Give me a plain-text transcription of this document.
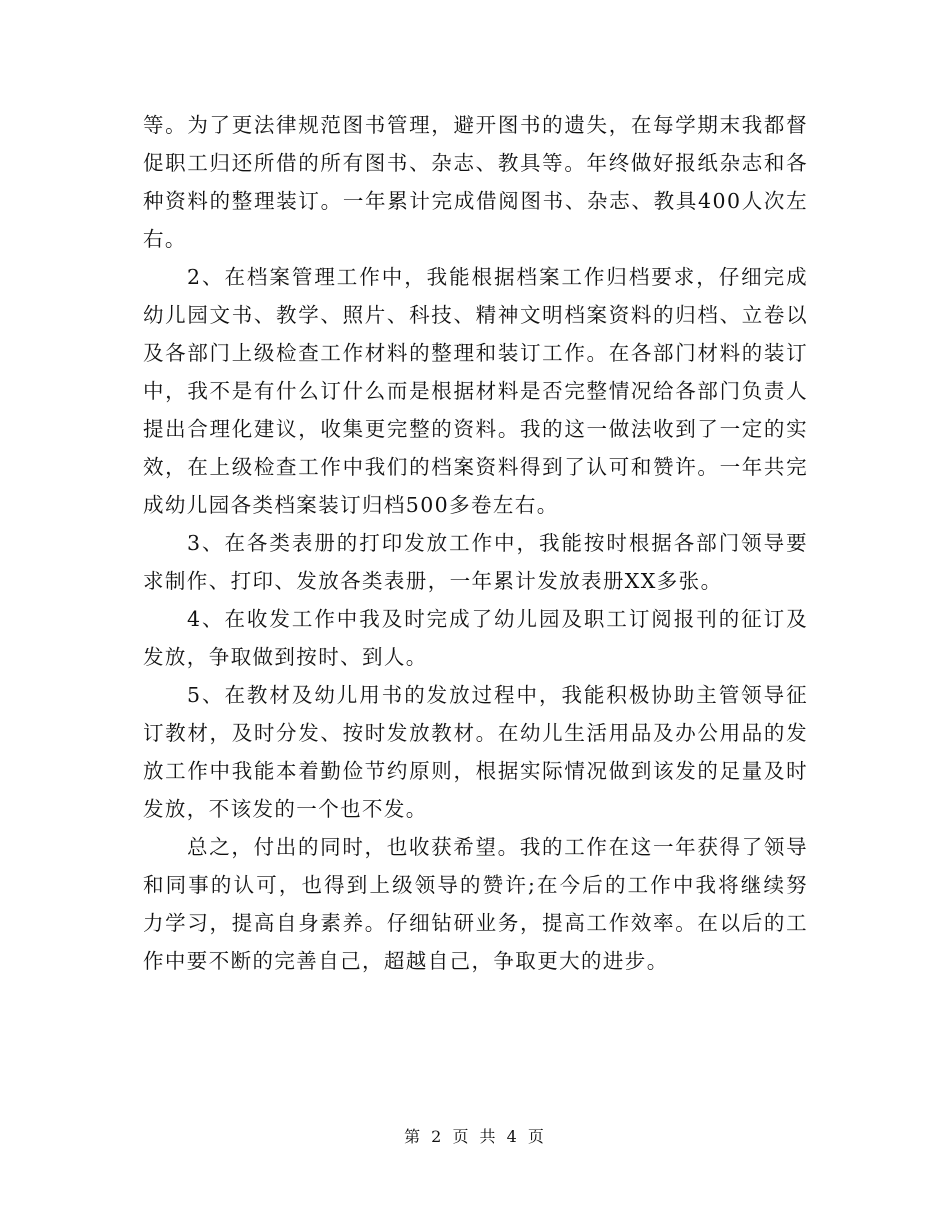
等。为了更法律规范图书管理，避开图书的遗失，在每学期末我都督促职工归还所借的所有图书、杂志、教具等。年终做好报纸杂志和各种资料的整理装订。一年累计完成借阅图书、杂志、教具400人次左右。

2、在档案管理工作中，我能根据档案工作归档要求，仔细完成幼儿园文书、教学、照片、科技、精神文明档案资料的归档、立卷以及各部门上级检查工作材料的整理和装订工作。在各部门材料的装订中，我不是有什么订什么而是根据材料是否完整情况给各部门负责人提出合理化建议，收集更完整的资料。我的这一做法收到了一定的实效，在上级检查工作中我们的档案资料得到了认可和赞许。一年共完成幼儿园各类档案装订归档500多卷左右。

3、在各类表册的打印发放工作中，我能按时根据各部门领导要求制作、打印、发放各类表册，一年累计发放表册XX多张。

4、在收发工作中我及时完成了幼儿园及职工订阅报刊的征订及发放，争取做到按时、到人。

5、在教材及幼儿用书的发放过程中，我能积极协助主管领导征订教材，及时分发、按时发放教材。在幼儿生活用品及办公用品的发放工作中我能本着勤俭节约原则，根据实际情况做到该发的足量及时发放，不该发的一个也不发。

总之，付出的同时，也收获希望。我的工作在这一年获得了领导和同事的认可，也得到上级领导的赞许;在今后的工作中我将继续努力学习，提高自身素养。仔细钻研业务，提高工作效率。在以后的工作中要不断的完善自己，超越自己，争取更大的进步。

第 2 页 共 4 页
